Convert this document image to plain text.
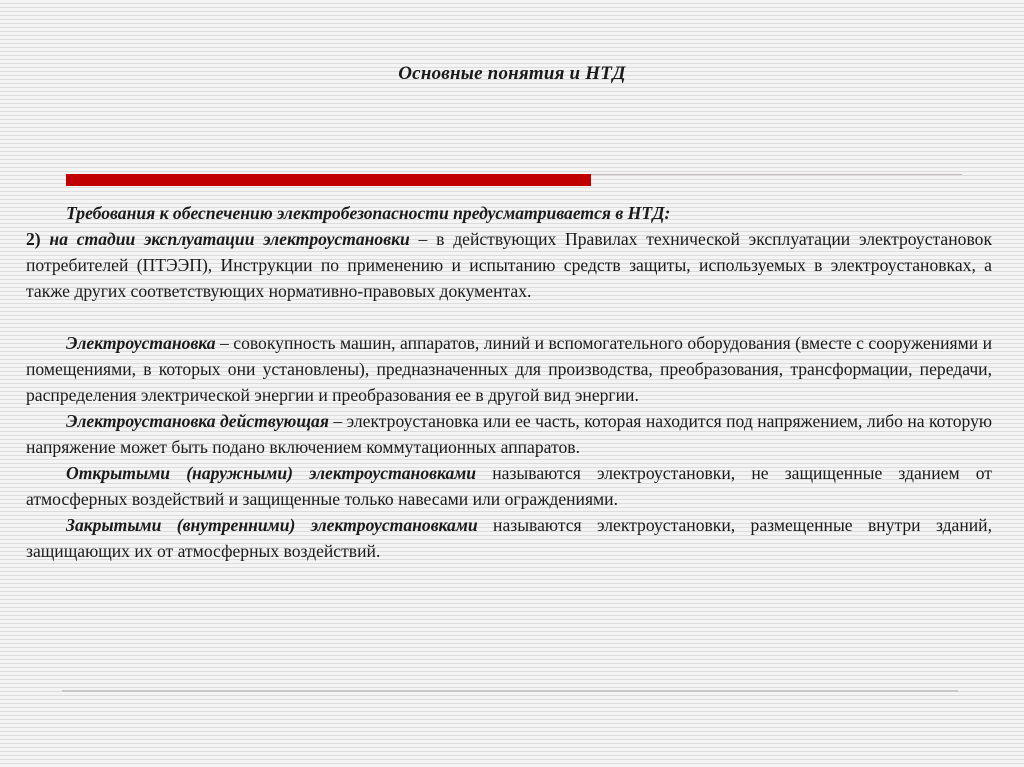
Основные понятия и НТД

Требования к обеспечению электробезопасности предусматривается в НТД:

2) на стадии эксплуатации электроустановки – в действующих Правилах технической эксплуатации электроустановок потребителей (ПТЭЭП), Инструкции по применению и испытанию средств защиты, используемых в электроустановках, а также других соответствующих нормативно-правовых документах.

Электроустановка – совокупность машин, аппаратов, линий и вспомогательного оборудования (вместе с сооружениями и помещениями, в которых они установлены), предназначенных для производства, преобразования, трансформации, передачи, распределения электрической энергии и преобразования ее в другой вид энергии.

Электроустановка действующая – электроустановка или ее часть, которая находится под напряжением, либо на которую напряжение может быть подано включением коммутационных аппаратов.

Открытыми (наружными) электроустановками называются электроустановки, не защищенные зданием от атмосферных воздействий и защищенные только навесами или ограждениями.

Закрытыми (внутренними) электроустановками называются электроустановки, размещенные внутри зданий, защищающих их от атмосферных воздействий.
